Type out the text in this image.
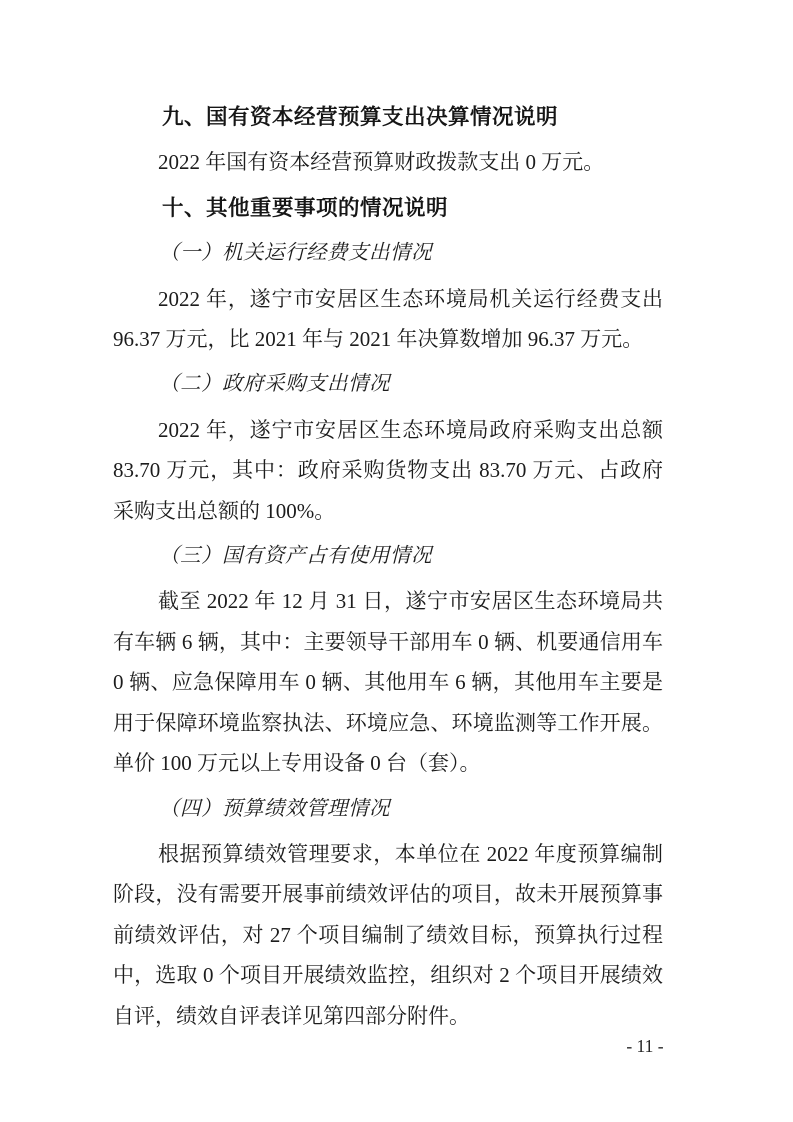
九、国有资本经营预算支出决算情况说明

2022 年国有资本经营预算财政拨款支出 0 万元。

十、其他重要事项的情况说明

（一）机关运行经费支出情况

2022 年，遂宁市安居区生态环境局机关运行经费支出 96.37 万元，比 2021 年与 2021 年决算数增加 96.37 万元。

（二）政府采购支出情况

2022 年，遂宁市安居区生态环境局政府采购支出总额 83.70 万元，其中：政府采购货物支出 83.70 万元、占政府采购支出总额的 100%。

（三）国有资产占有使用情况

截至 2022 年 12 月 31 日，遂宁市安居区生态环境局共有车辆 6 辆，其中：主要领导干部用车 0 辆、机要通信用车 0 辆、应急保障用车 0 辆、其他用车 6 辆，其他用车主要是用于保障环境监察执法、环境应急、环境监测等工作开展。单价 100 万元以上专用设备 0 台（套）。

（四）预算绩效管理情况

根据预算绩效管理要求，本单位在 2022 年度预算编制阶段，没有需要开展事前绩效评估的项目，故未开展预算事前绩效评估，对 27 个项目编制了绩效目标，预算执行过程中，选取 0 个项目开展绩效监控，组织对 2 个项目开展绩效自评，绩效自评表详见第四部分附件。

- 11 -
